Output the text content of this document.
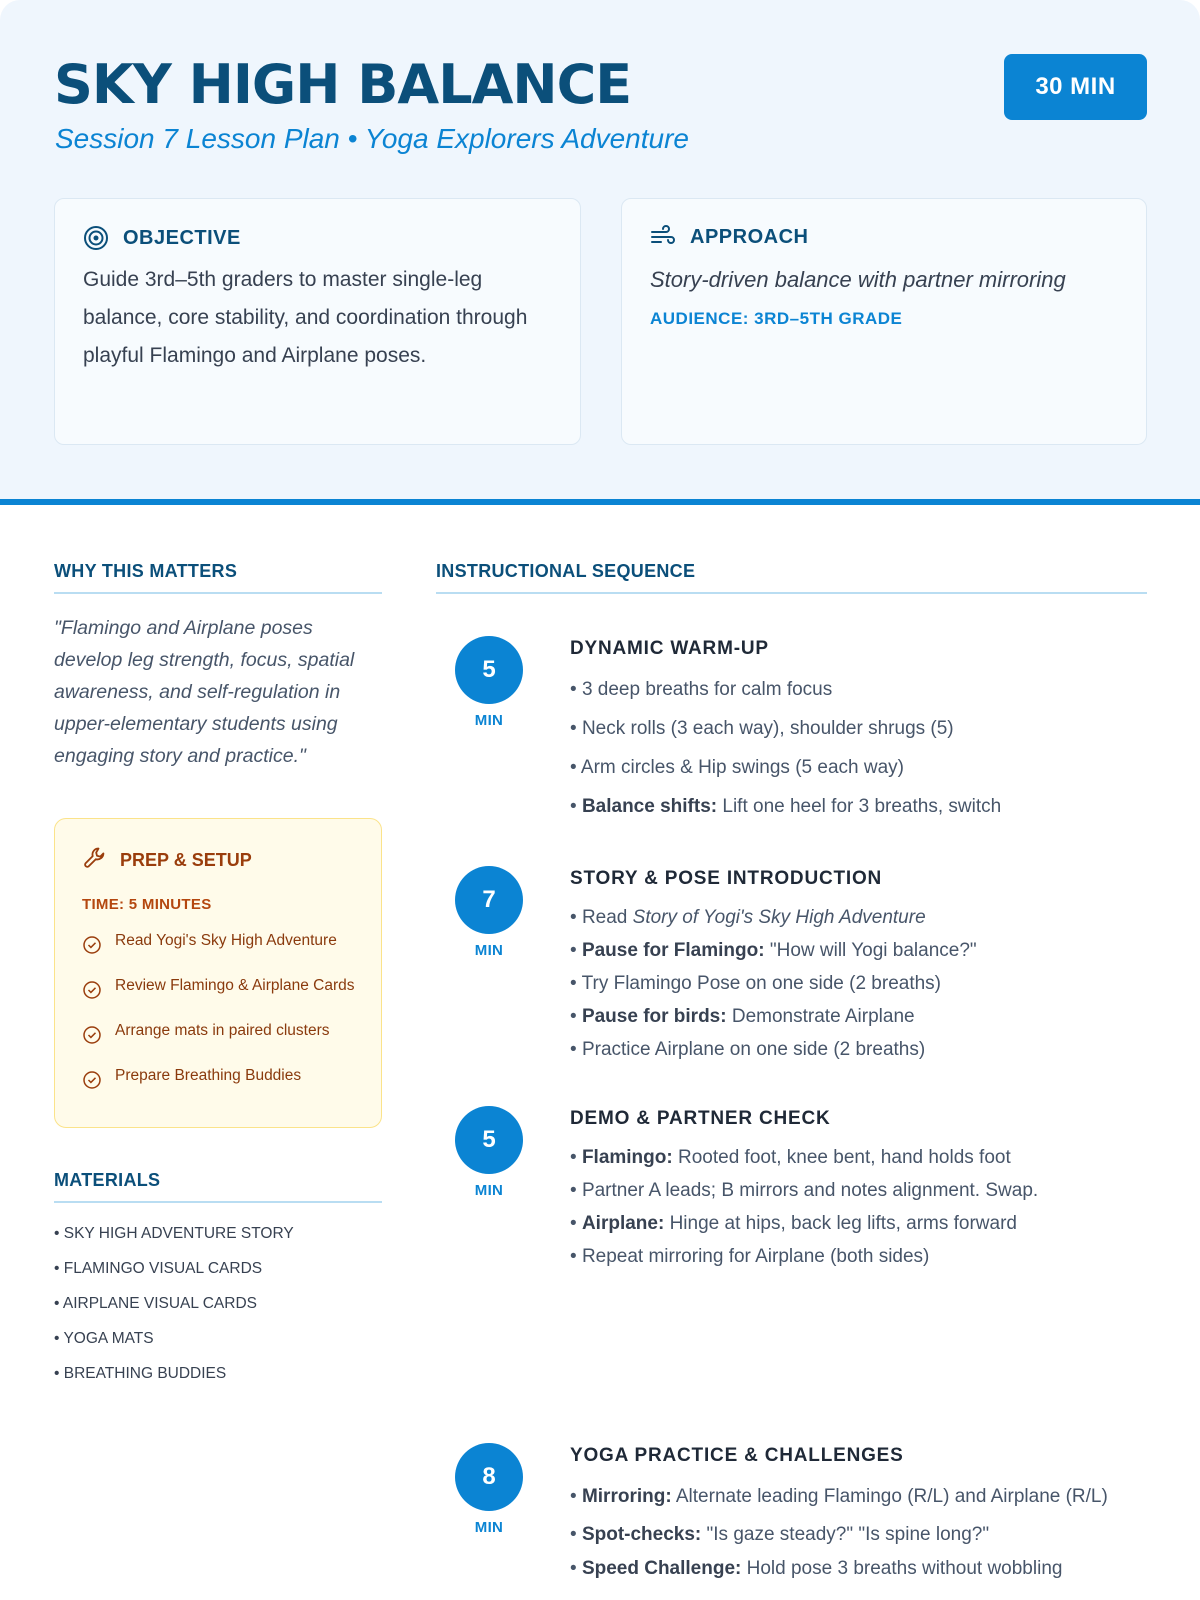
SKY HIGH BALANCE
Session 7 Lesson Plan • Yoga Explorers Adventure
30 MIN
OBJECTIVE
Guide 3rd–5th graders to master single-leg balance, core stability, and coordination through playful Flamingo and Airplane poses.
APPROACH
Story-driven balance with partner mirroring
AUDIENCE: 3RD–5TH GRADE
WHY THIS MATTERS
"Flamingo and Airplane poses develop leg strength, focus, spatial awareness, and self-regulation in upper-elementary students using engaging story and practice."
PREP & SETUP
TIME: 5 MINUTES
Read Yogi's Sky High Adventure
Review Flamingo & Airplane Cards
Arrange mats in paired clusters
Prepare Breathing Buddies
MATERIALS
• SKY HIGH ADVENTURE STORY
• FLAMINGO VISUAL CARDS
• AIRPLANE VISUAL CARDS
• YOGA MATS
• BREATHING BUDDIES
INSTRUCTIONAL SEQUENCE
5
MIN
DYNAMIC WARM-UP
• 3 deep breaths for calm focus
• Neck rolls (3 each way), shoulder shrugs (5)
• Arm circles & Hip swings (5 each way)
• Balance shifts: Lift one heel for 3 breaths, switch
7
MIN
STORY & POSE INTRODUCTION
• Read Story of Yogi's Sky High Adventure
• Pause for Flamingo: "How will Yogi balance?"
• Try Flamingo Pose on one side (2 breaths)
• Pause for birds: Demonstrate Airplane
• Practice Airplane on one side (2 breaths)
5
MIN
DEMO & PARTNER CHECK
• Flamingo: Rooted foot, knee bent, hand holds foot
• Partner A leads; B mirrors and notes alignment. Swap.
• Airplane: Hinge at hips, back leg lifts, arms forward
• Repeat mirroring for Airplane (both sides)
8
MIN
YOGA PRACTICE & CHALLENGES
• Mirroring: Alternate leading Flamingo (R/L) and Airplane (R/L)
• Spot-checks: "Is gaze steady?" "Is spine long?"
• Speed Challenge: Hold pose 3 breaths without wobbling
